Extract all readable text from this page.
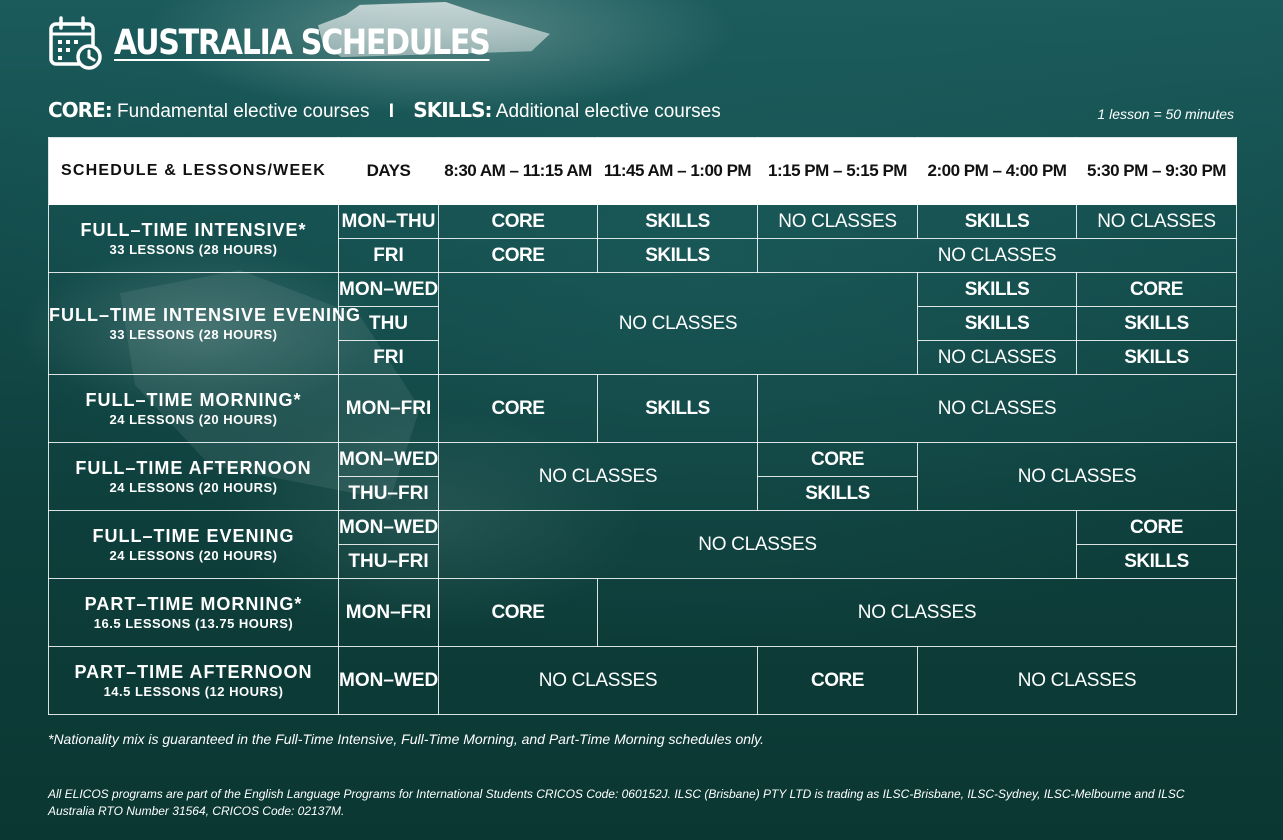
AUSTRALIA SCHEDULES
CORE: Fundamental elective courses I SKILLS: Additional elective courses	1 lesson = 50 minutes
SCHEDULE & LESSONS/WEEK	DAYS	8:30 AM – 11:15 AM	11:45 AM – 1:00 PM	1:15 PM – 5:15 PM	2:00 PM – 4:00 PM	5:30 PM – 9:30 PM

FULL–TIME INTENSIVE*
33 LESSONS (28 HOURS)	MON–THU	CORE	SKILLS	NO CLASSES	SKILLS	NO CLASSES
	FRI	CORE	SKILLS	NO CLASSES		

FULL–TIME INTENSIVE EVENING
33 LESSONS (28 HOURS)	MON–WED	NO CLASSES			SKILLS	CORE
	THU				SKILLS	SKILLS
	FRI				NO CLASSES	SKILLS

FULL–TIME MORNING*
24 LESSONS (20 HOURS)	MON–FRI	CORE	SKILLS	NO CLASSES		

FULL–TIME AFTERNOON
24 LESSONS (20 HOURS)	MON–WED	NO CLASSES		CORE	NO CLASSES	
	THU–FRI			SKILLS		

FULL–TIME EVENING
24 LESSONS (20 HOURS)	MON–WED	NO CLASSES				CORE
	THU–FRI					SKILLS

PART–TIME MORNING*
16.5 LESSONS (13.75 HOURS)	MON–FRI	CORE	NO CLASSES			

PART–TIME AFTERNOON
14.5 LESSONS (12 HOURS)	MON–WED	NO CLASSES		CORE	NO CLASSES	
*Nationality mix is guaranteed in the Full-Time Intensive, Full-Time Morning, and Part-Time Morning schedules only.
All ELICOS programs are part of the English Language Programs for International Students CRICOS Code: 060152J. ILSC (Brisbane) PTY LTD is trading as ILSC-Brisbane, ILSC-Sydney, ILSC-Melbourne and ILSC Australia RTO Number 31564, CRICOS Code: 02137M.
